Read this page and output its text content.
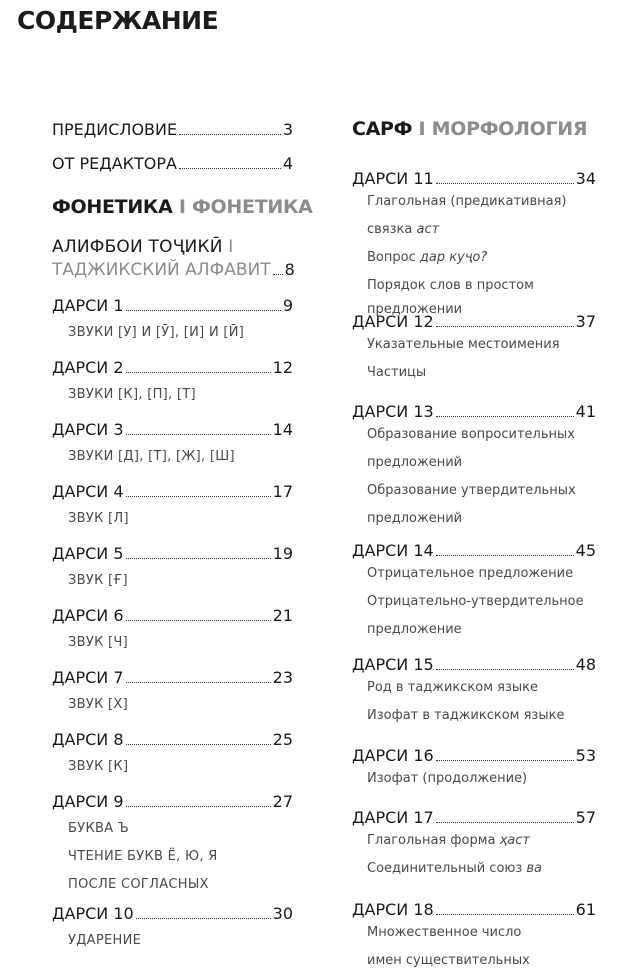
СОДЕРЖАНИЕ
ПРЕДИСЛОВИЕ	3
ОТ РЕДАКТОРА	4
ФОНЕТИКА I ФОНЕТИКА
АЛИФБОИ ТОҶИКӢ I
ТАДЖИКСКИЙ АЛФАВИТ 8
ДАРСИ 1	9
ЗВУКИ [У] И [Ӯ], [И] И [Ӣ]
ДАРСИ 2	12
ЗВУКИ [К], [П], [Т]
ДАРСИ 3	14
ЗВУКИ [Д], [Т], [Ж], [Ш]
ДАРСИ 4	17
ЗВУК [Л]
ДАРСИ 5	19
ЗВУК [Ғ]
ДАРСИ 6	21
ЗВУК [Ч]
ДАРСИ 7	23
ЗВУК [Х]
ДАРСИ 8	25
ЗВУК [К]
ДАРСИ 9	27
БУКВА Ъ
ЧТЕНИЕ БУКВ Ё, Ю, Я
ПОСЛЕ СОГЛАСНЫХ
ДАРСИ 10	30
УДАРЕНИЕ
САРФ I МОРФОЛОГИЯ
ДАРСИ 11	34
Глагольная (предикативная)
связка аст
Вопрос дар куҷо?
Порядок слов в простом предложении
ДАРСИ 12	37
Указательные местоимения
Частицы
ДАРСИ 13	41
Образование вопросительных
предложений
Образование утвердительных
предложений
ДАРСИ 14	45
Отрицательное предложение
Отрицательно-утвердительное
предложение
ДАРСИ 15	48
Род в таджикском языке
Изофат в таджикском языке
ДАРСИ 16	53
Изофат (продолжение)
ДАРСИ 17	57
Глагольная форма ҳаст
Соединительный союз ва
ДАРСИ 18	61
Множественное число
имен существительных
